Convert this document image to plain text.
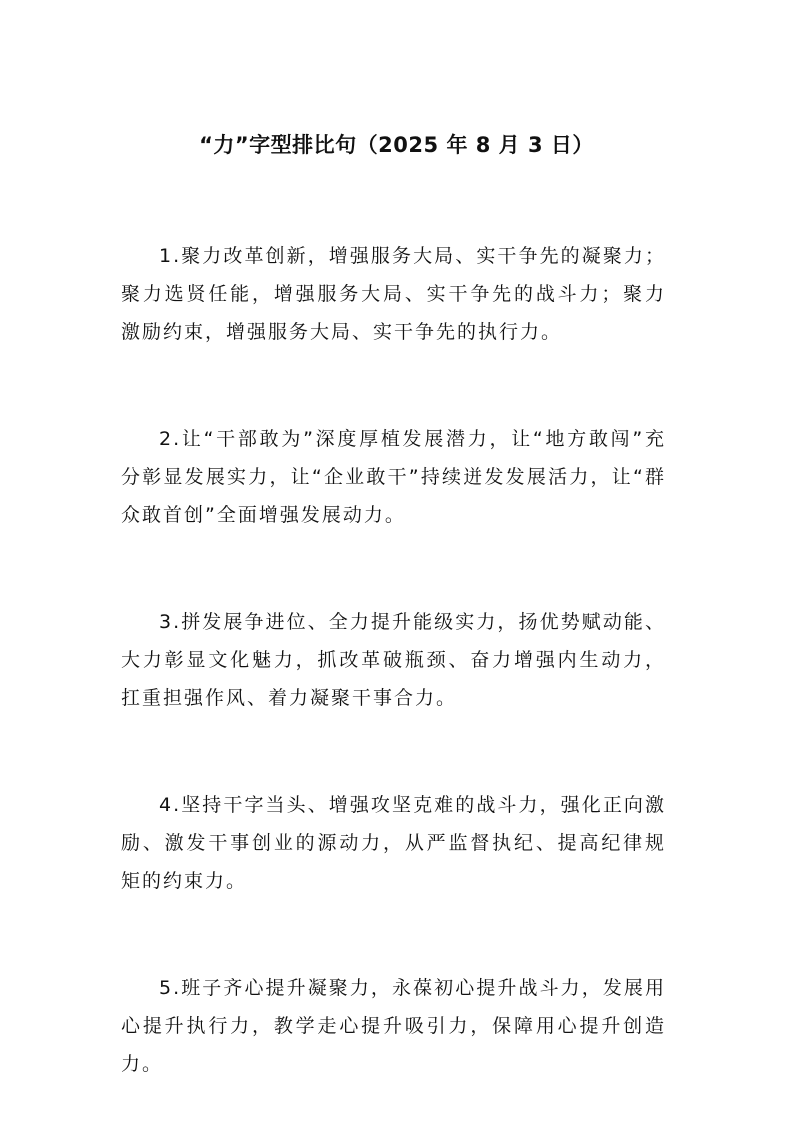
“力”字型排比句（2025 年 8 月 3 日）

1.聚力改革创新，增强服务大局、实干争先的凝聚力；聚力选贤任能，增强服务大局、实干争先的战斗力；聚力激励约束，增强服务大局、实干争先的执行力。

2.让“干部敢为”深度厚植发展潜力，让“地方敢闯”充分彰显发展实力，让“企业敢干”持续迸发发展活力，让“群众敢首创”全面增强发展动力。

3.拼发展争进位、全力提升能级实力，扬优势赋动能、大力彰显文化魅力，抓改革破瓶颈、奋力增强内生动力，扛重担强作风、着力凝聚干事合力。

4.坚持干字当头、增强攻坚克难的战斗力，强化正向激励、激发干事创业的源动力，从严监督执纪、提高纪律规矩的约束力。

5.班子齐心提升凝聚力，永葆初心提升战斗力，发展用心提升执行力，教学走心提升吸引力，保障用心提升创造力。
